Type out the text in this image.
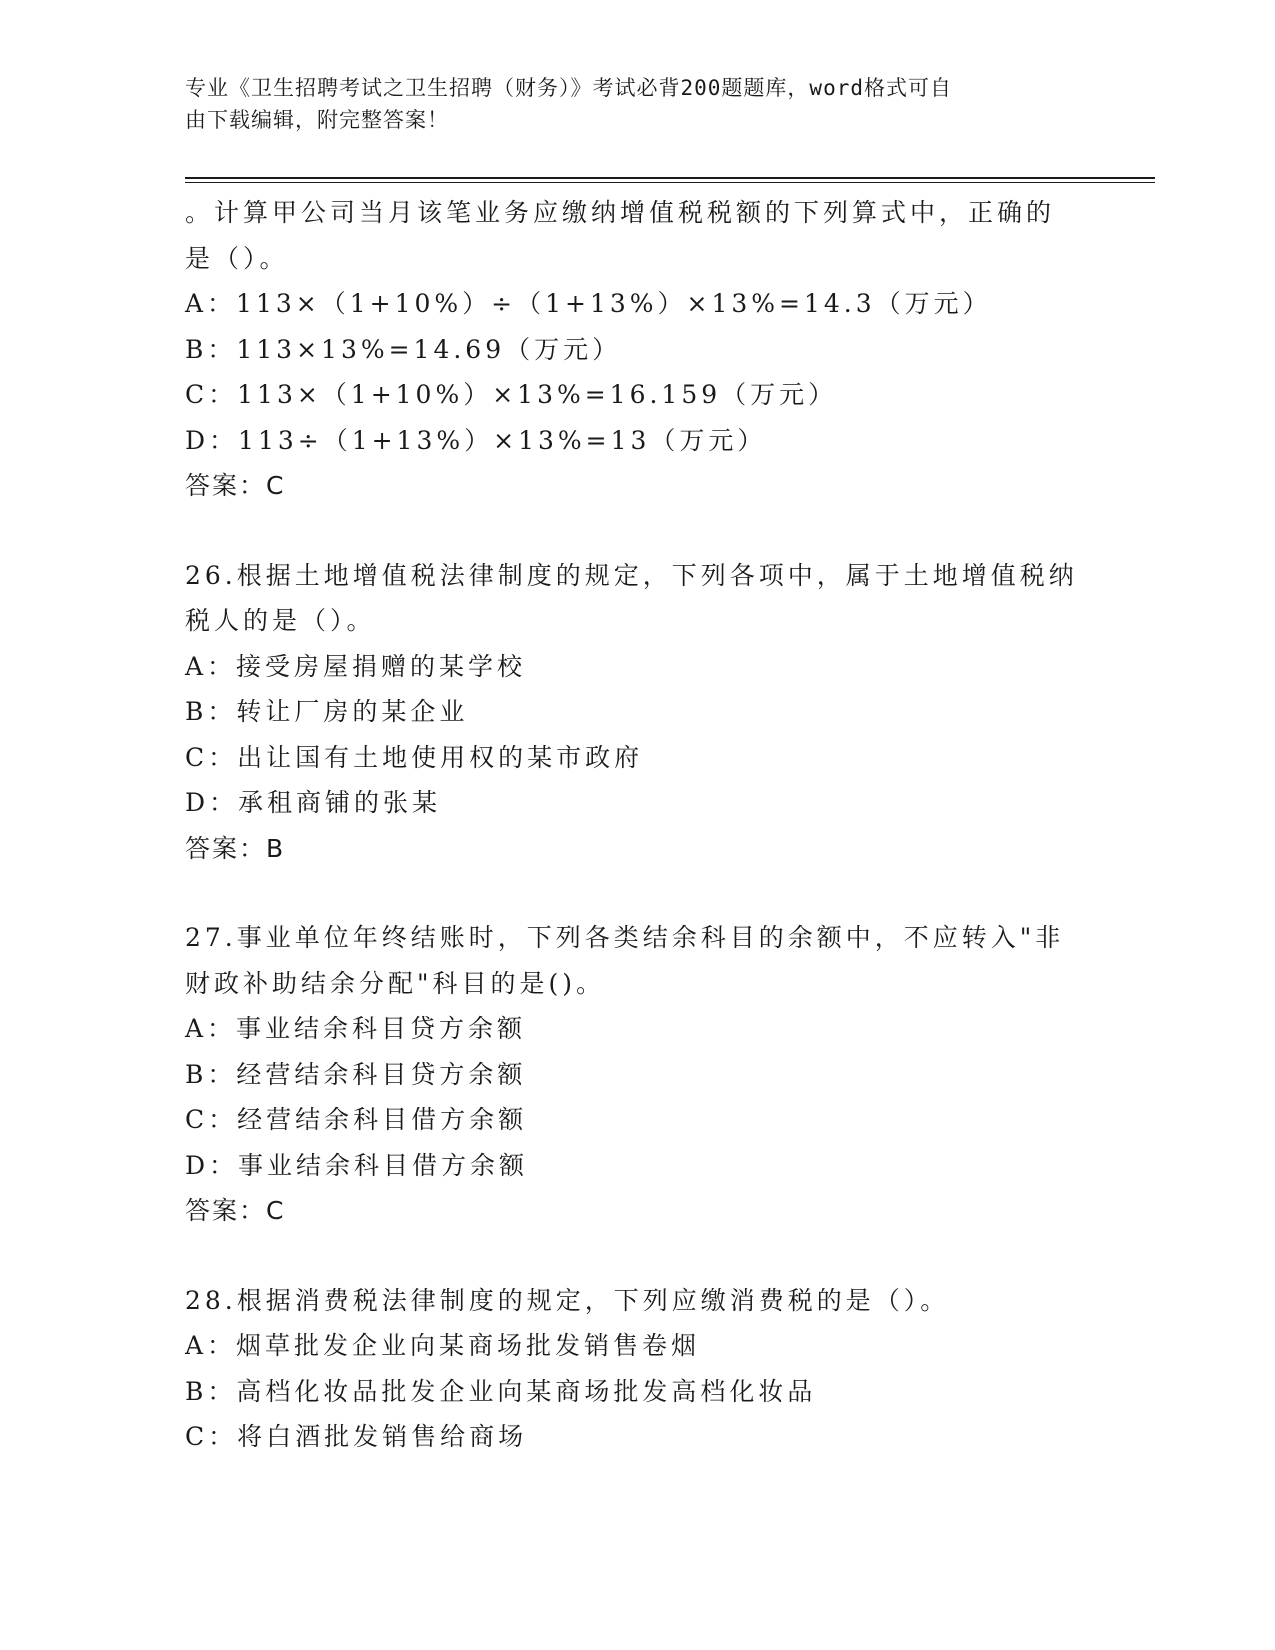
专业《卫生招聘考试之卫生招聘（财务）》考试必背200题题库，word格式可自
由下载编辑，附完整答案！
。计算甲公司当月该笔业务应缴纳增值税税额的下列算式中，正确的
是（）。
A：113×（1+10%）÷（1+13%）×13%=14.3（万元）
B：113×13%=14.69（万元）
C：113×（1+10%）×13%=16.159（万元）
D：113÷（1+13%）×13%=13（万元）
答案：C
26.根据土地增值税法律制度的规定，下列各项中，属于土地增值税纳
税人的是（）。
A：接受房屋捐赠的某学校
B：转让厂房的某企业
C：出让国有土地使用权的某市政府
D：承租商铺的张某
答案：B
27.事业单位年终结账时，下列各类结余科目的余额中，不应转入"非
财政补助结余分配"科目的是()。
A：事业结余科目贷方余额
B：经营结余科目贷方余额
C：经营结余科目借方余额
D：事业结余科目借方余额
答案：C
28.根据消费税法律制度的规定，下列应缴消费税的是（）。
A：烟草批发企业向某商场批发销售卷烟
B：高档化妆品批发企业向某商场批发高档化妆品
C：将白酒批发销售给商场
